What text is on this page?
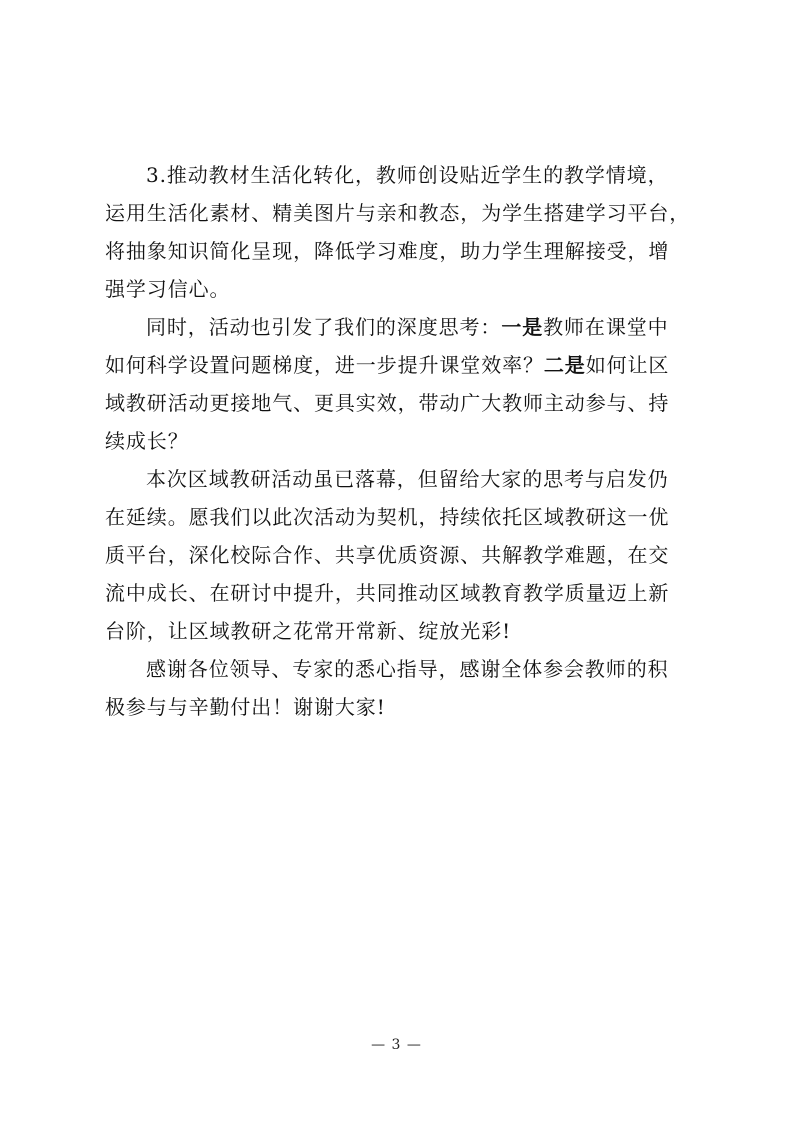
3.推动教材生活化转化，教师创设贴近学生的教学情境，
运用生活化素材、精美图片与亲和教态，为学生搭建学习平台，
将抽象知识简化呈现，降低学习难度，助力学生理解接受，增
强学习信心。
同时，活动也引发了我们的深度思考：一是教师在课堂中
如何科学设置问题梯度，进一步提升课堂效率？二是如何让区
域教研活动更接地气、更具实效，带动广大教师主动参与、持
续成长？
本次区域教研活动虽已落幕，但留给大家的思考与启发仍
在延续。愿我们以此次活动为契机，持续依托区域教研这一优
质平台，深化校际合作、共享优质资源、共解教学难题，在交
流中成长、在研讨中提升，共同推动区域教育教学质量迈上新
台阶，让区域教研之花常开常新、绽放光彩!
感谢各位领导、专家的悉心指导，感谢全体参会教师的积
极参与与辛勤付出！谢谢大家!
— 3 —
